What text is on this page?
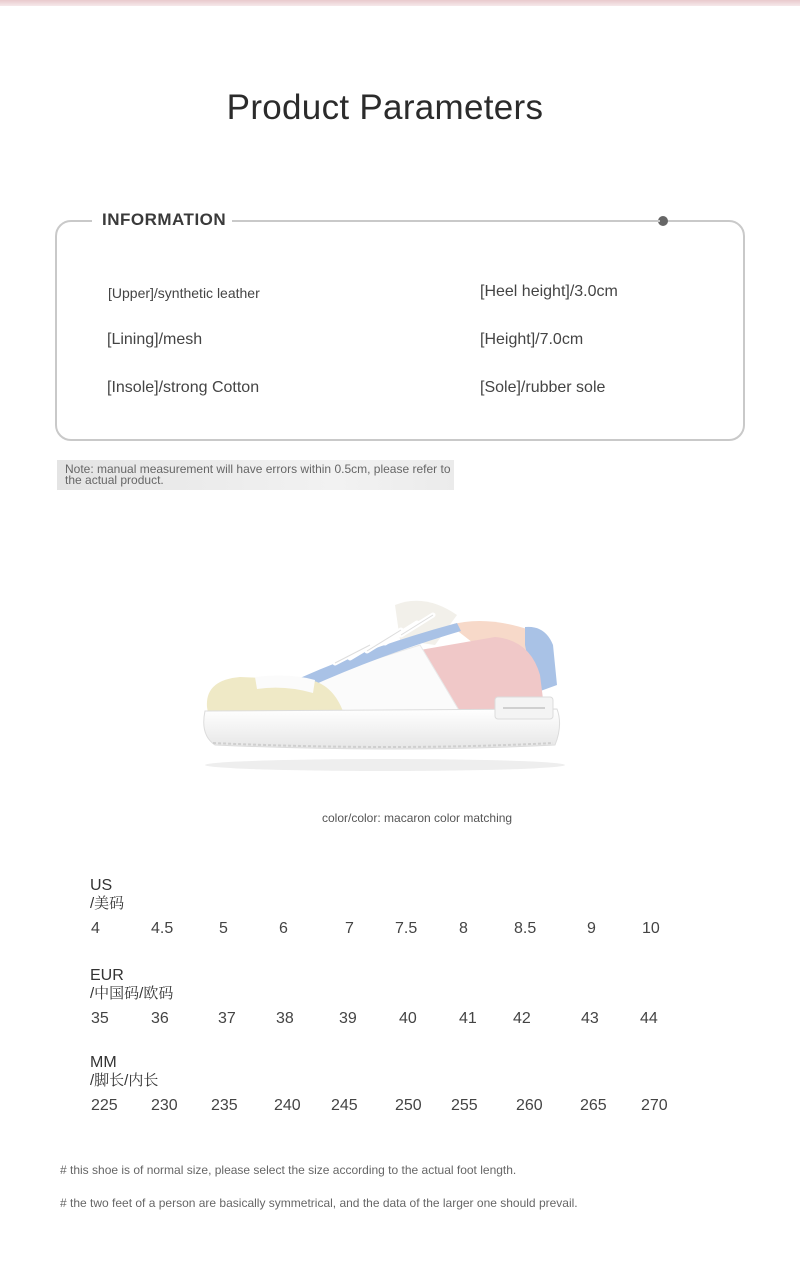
Product Parameters
INFORMATION
[Upper]/synthetic leather	[Heel height]/3.0cm
[Lining]/mesh	[Height]/7.0cm
[Insole]/strong Cotton	[Sole]/rubber sole
Note: manual measurement will have errors within 0.5cm, please refer to
the actual product.
color/color: macaron color matching
US
/美码
4	4.5	5	6	7	7.5	8	8.5	9	10
EUR
/中国码/欧码
35	36	37	38	39	40	41 42	43	44
MM
/脚长/内长
225 230 235 240 245 250 255 260 265 270
# this shoe is of normal size, please select the size according to the actual foot length.
# the two feet of a person are basically symmetrical, and the data of the larger one should prevail.
